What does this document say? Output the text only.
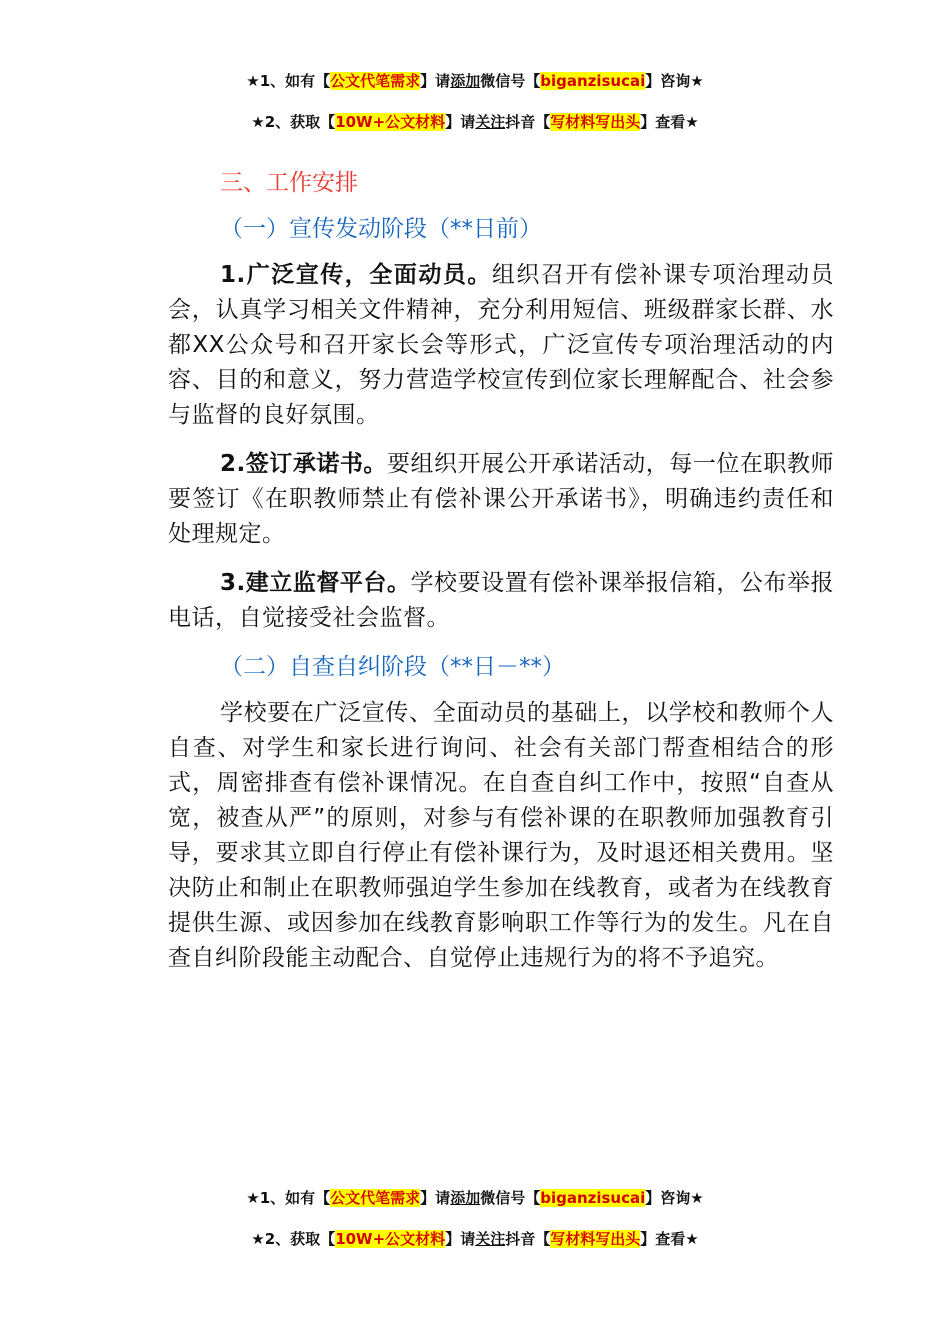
★1、如有【公文代笔需求】请添加微信号【biganzisucai】咨询★
★2、获取【10W+公文材料】请关注抖音【写材料写出头】查看★
三、工作安排
（一）宣传发动阶段（**日前）

1.广泛宣传，全面动员。组织召开有偿补课专项治理动员会，认真学习相关文件精神，充分利用短信、班级群家长群、水都XX公众号和召开家长会等形式，广泛宣传专项治理活动的内容、目的和意义，努力营造学校宣传到位家长理解配合、社会参与监督的良好氛围。

2.签订承诺书。要组织开展公开承诺活动，每一位在职教师要签订《在职教师禁止有偿补课公开承诺书》，明确违约责任和处理规定。

3.建立监督平台。学校要设置有偿补课举报信箱，公布举报电话，自觉接受社会监督。

（二）自查自纠阶段（**日－**）

学校要在广泛宣传、全面动员的基础上，以学校和教师个人自查、对学生和家长进行询问、社会有关部门帮查相结合的形式，周密排查有偿补课情况。在自查自纠工作中，按照“自查从宽，被查从严”的原则，对参与有偿补课的在职教师加强教育引导，要求其立即自行停止有偿补课行为，及时退还相关费用。坚决防止和制止在职教师强迫学生参加在线教育，或者为在线教育提供生源、或因参加在线教育影响职工作等行为的发生。凡在自查自纠阶段能主动配合、自觉停止违规行为的将不予追究。

★1、如有【公文代笔需求】请添加微信号【biganzisucai】咨询★
★2、获取【10W+公文材料】请关注抖音【写材料写出头】查看★
